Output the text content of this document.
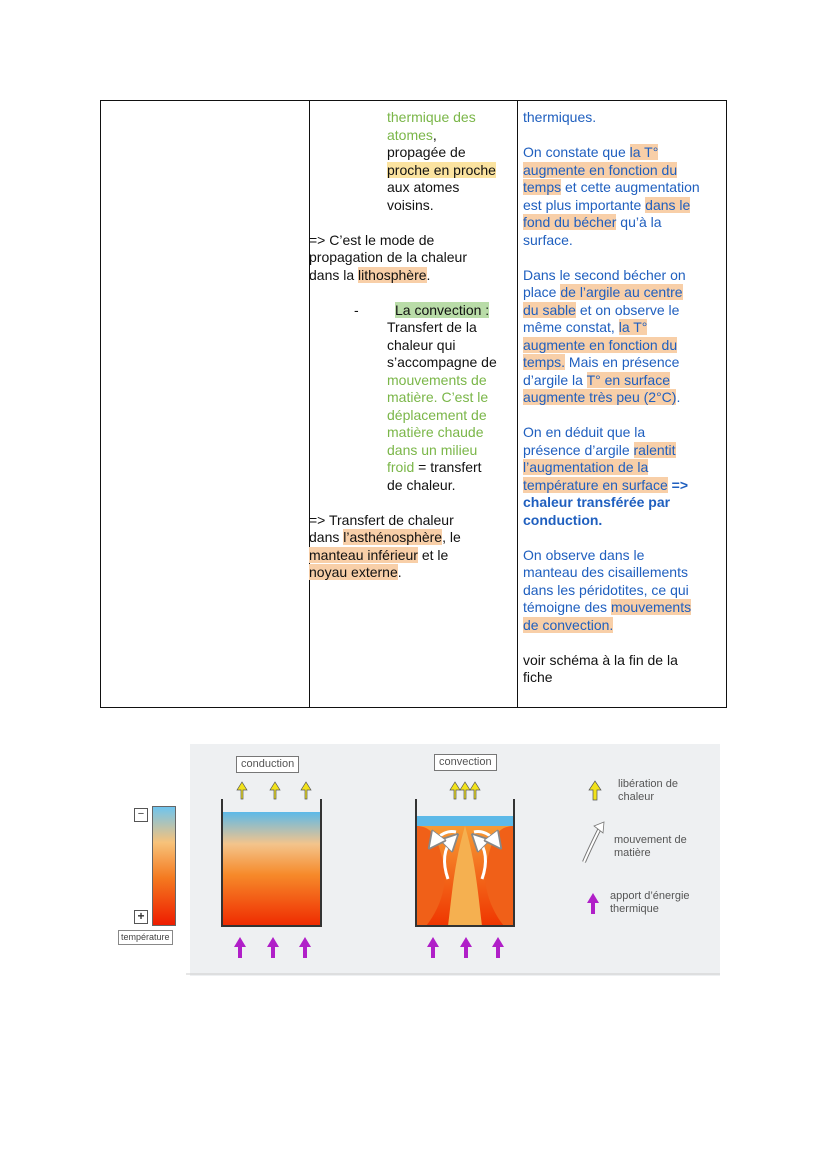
thermique des
atomes,
propagée de
proche en proche
aux atomes
voisins.
=> C’est le mode de
propagation de la chaleur
dans la lithosphère.
-	La convection :
Transfert de la
chaleur qui
s’accompagne de
mouvements de
matière. C’est le
déplacement de
matière chaude
dans un milieu
froid = transfert
de chaleur.
=> Transfert de chaleur
dans l’asthénosphère, le
manteau inférieur et le
noyau externe.
thermiques.
On constate que la T°
augmente en fonction du
temps et cette augmentation
est plus importante dans le
fond du bécher qu’à la
surface.
Dans le second bécher on
place de l’argile au centre
du sable et on observe le
même constat, la T°
augmente en fonction du
temps. Mais en présence
d’argile la T° en surface
augmente très peu (2°C).
On en déduit que la
présence d’argile ralentit
l’augmentation de la
température en surface =>
chaleur transférée par
conduction.
On observe dans le
manteau des cisaillements
dans les péridotites, ce qui
témoigne des mouvements
de convection.
voir schéma à la fin de la
fiche
conduction	convection
libération de
chaleur
mouvement de
matière
apport d’énergie
thermique
−
+
température
